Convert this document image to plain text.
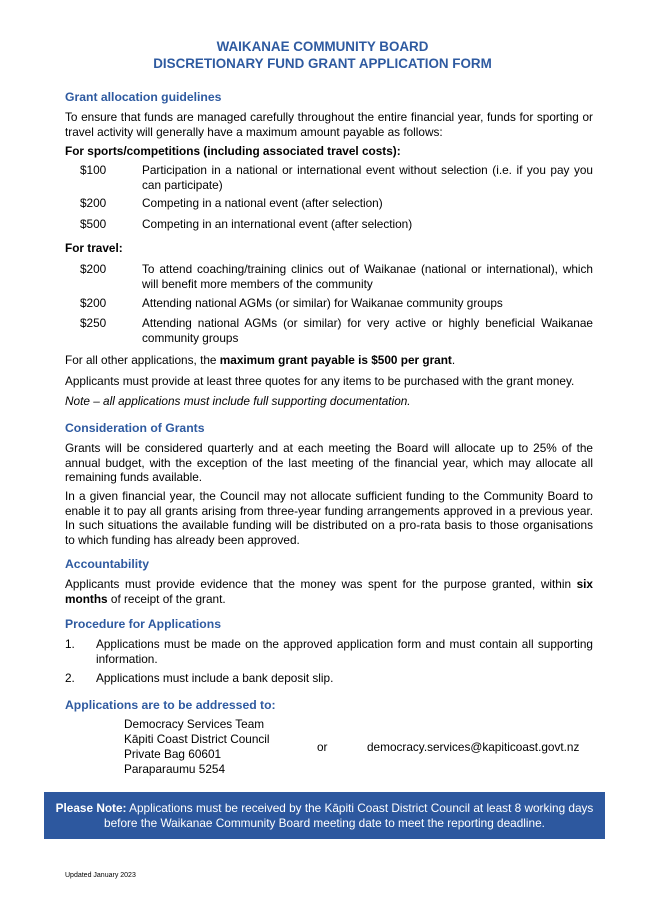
WAIKANAE COMMUNITY BOARD
DISCRETIONARY FUND GRANT APPLICATION FORM
Grant allocation guidelines
To ensure that funds are managed carefully throughout the entire financial year, funds for sporting or travel activity will generally have a maximum amount payable as follows:
For sports/competitions (including associated travel costs):
$100	Participation in a national or international event without selection (i.e. if you pay you can participate)
$200	Competing in a national event (after selection)
$500	Competing in an international event (after selection)
For travel:
$200	To attend coaching/training clinics out of Waikanae (national or international), which will benefit more members of the community
$200	Attending national AGMs (or similar) for Waikanae community groups
$250	Attending national AGMs (or similar) for very active or highly beneficial Waikanae community groups
For all other applications, the maximum grant payable is $500 per grant.
Applicants must provide at least three quotes for any items to be purchased with the grant money.
Note – all applications must include full supporting documentation.
Consideration of Grants
Grants will be considered quarterly and at each meeting the Board will allocate up to 25% of the annual budget, with the exception of the last meeting of the financial year, which may allocate all remaining funds available.
In a given financial year, the Council may not allocate sufficient funding to the Community Board to enable it to pay all grants arising from three-year funding arrangements approved in a previous year. In such situations the available funding will be distributed on a pro-rata basis to those organisations to which funding has already been approved.
Accountability
Applicants must provide evidence that the money was spent for the purpose granted, within six months of receipt of the grant.
Procedure for Applications
1. Applications must be made on the approved application form and must contain all supporting information.
2. Applications must include a bank deposit slip.
Applications are to be addressed to:
Democracy Services Team
Kāpiti Coast District Council
Private Bag 60601
Paraparaumu 5254
or	democracy.services@kapiticoast.govt.nz
Please Note: Applications must be received by the Kāpiti Coast District Council at least 8 working days before the Waikanae Community Board meeting date to meet the reporting deadline.
Updated January 2023
